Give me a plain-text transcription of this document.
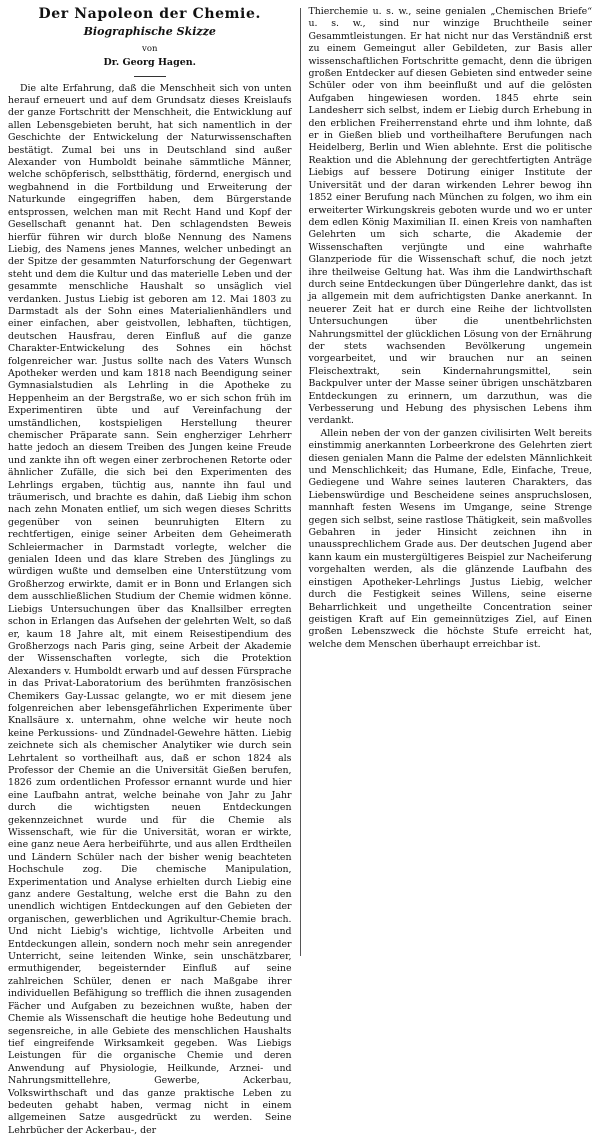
Der Napoleon der Chemie.
Biographische Skizze
von
Dr. Georg Hagen.

Die alte Erfahrung, daß die Menschheit sich von unten herauf erneuert und auf dem Grundsatz dieses Kreislaufs der ganze Fortschritt der Menschheit, die Entwicklung auf allen Lebensgebieten beruht, hat sich namentlich in der Geschichte der Entwickelung der Naturwissenschaften bestätigt. Zumal bei uns in Deutschland sind außer Alexander von Humboldt beinahe sämmtliche Männer, welche schöpferisch, selbstthätig, fördernd, energisch und wegbahnend in die Fortbildung und Erweiterung der Naturkunde eingegriffen haben, dem Bürgerstande entsprossen, welchen man mit Recht Hand und Kopf der Gesellschaft genannt hat. Den schlagendsten Beweis hierfür führen wir durch bloße Nennung des Namens Liebig, des Namens jenes Mannes, welcher unbedingt an der Spitze der gesammten Naturforschung der Gegenwart steht und dem die Kultur und das materielle Leben und der gesammte menschliche Haushalt so unsäglich viel verdanken. Justus Liebig ist geboren am 12. Mai 1803 zu Darmstadt als der Sohn eines Materialienhändlers und einer einfachen, aber geistvollen, lebhaften, tüchtigen, deutschen Hausfrau, deren Einfluß auf die ganze Charakter-Entwickelung des Sohnes ein höchst folgenreicher war. Justus sollte nach des Vaters Wunsch Apotheker werden und kam 1818 nach Beendigung seiner Gymnasialstudien als Lehrling in die Apotheke zu Heppenheim an der Bergstraße, wo er sich schon früh im Experimentiren übte und auf Vereinfachung der umständlichen, kostspieligen Herstellung theurer chemischer Präparate sann. Sein engherziger Lehrherr hatte jedoch an diesem Treiben des Jungen keine Freude und zankte ihn oft wegen einer zerbrochenen Retorte oder ähnlicher Zufälle, die sich bei den Experimenten des Lehrlings ergaben, tüchtig aus, nannte ihn faul und träumerisch, und brachte es dahin, daß Liebig ihm schon nach zehn Monaten entlief, um sich wegen dieses Schritts gegenüber von seinen beunruhigten Eltern zu rechtfertigen, einige seiner Arbeiten dem Geheimerath Schleiermacher in Darmstadt vorlegte, welcher die genialen Ideen und das klare Streben des Jünglings zu würdigen wußte und demselben eine Unterstützung vom Großherzog erwirkte, damit er in Bonn und Erlangen sich dem ausschließlichen Studium der Chemie widmen könne. Liebigs Untersuchungen über das Knallsilber erregten schon in Erlangen das Aufsehen der gelehrten Welt, so daß er, kaum 18 Jahre alt, mit einem Reisestipendium des Großherzogs nach Paris ging, seine Arbeit der Akademie der Wissenschaften vorlegte, sich die Protektion Alexanders v. Humboldt erwarb und auf dessen Fürsprache in das Privat-Laboratorium des berühmten französischen Chemikers Gay-Lussac gelangte, wo er mit diesem jene folgenreichen aber lebensgefährlichen Experimente über Knallsäure x. unternahm, ohne welche wir heute noch keine Perkussions- und Zündnadel-Gewehre hätten. Liebig zeichnete sich als chemischer Analytiker wie durch sein Lehrtalent so vortheilhaft aus, daß er schon 1824 als Professor der Chemie an die Universität Gießen berufen, 1826 zum ordentlichen Professor ernannt wurde und hier eine Laufbahn antrat, welche beinahe von Jahr zu Jahr durch die wichtigsten neuen Entdeckungen gekennzeichnet wurde und für die Chemie als Wissenschaft, wie für die Universität, woran er wirkte, eine ganz neue Aera herbeiführte, und aus allen Erdtheilen und Ländern Schüler nach der bisher wenig beachteten Hochschule zog. Die chemische Manipulation, Experimentation und Analyse erhielten durch Liebig eine ganz andere Gestaltung, welche erst die Bahn zu den unendlich wichtigen Entdeckungen auf den Gebieten der organischen, gewerblichen und Agrikultur-Chemie brach. Und nicht Liebig's wichtige, lichtvolle Arbeiten und Entdeckungen allein, sondern noch mehr sein anregender Unterricht, seine leitenden Winke, sein unschätzbarer, ermuthigender, begeisternder Einfluß auf seine zahlreichen Schüler, denen er nach Maßgabe ihrer individuellen Befähigung so trefflich die ihnen zusagenden Fächer und Aufgaben zu bezeichnen wußte, haben der Chemie als Wissenschaft die heutige hohe Bedeutung und segensreiche, in alle Gebiete des menschlichen Haushalts tief eingreifende Wirksamkeit gegeben. Was Liebigs Leistungen für die organische Chemie und deren Anwendung auf Physiologie, Heilkunde, Arznei- und Nahrungsmittellehre, Gewerbe, Ackerbau, Volkswirthschaft und das ganze praktische Leben zu bedeuten gehabt haben, vermag nicht in einem allgemeinen Satze ausgedrückt zu werden. Seine Lehrbücher der Ackerbau-, der

Thierchemie u. s. w., seine genialen „Chemischen Briefe“ u. s. w., sind nur winzige Bruchtheile seiner Gesammtleistungen. Er hat nicht nur das Verständniß erst zu einem Gemeingut aller Gebildeten, zur Basis aller wissenschaftlichen Fortschritte gemacht, denn die übrigen großen Entdecker auf diesen Gebieten sind entweder seine Schüler oder von ihm beeinflußt und auf die gelösten Aufgaben hingewiesen worden. 1845 ehrte sein Landesherr sich selbst, indem er Liebig durch Erhebung in den erblichen Freiherrenstand ehrte und ihm lohnte, daß er in Gießen blieb und vortheilhaftere Berufungen nach Heidelberg, Berlin und Wien ablehnte. Erst die politische Reaktion und die Ablehnung der gerechtfertigten Anträge Liebigs auf bessere Dotirung einiger Institute der Universität und der daran wirkenden Lehrer bewog ihn 1852 einer Berufung nach München zu folgen, wo ihm ein erweiterter Wirkungskreis geboten wurde und wo er unter dem edlen König Maximilian II. einen Kreis von namhaften Gelehrten um sich scharte, die Akademie der Wissenschaften verjüngte und eine wahrhafte Glanzperiode für die Wissenschaft schuf, die noch jetzt ihre theilweise Geltung hat. Was ihm die Landwirthschaft durch seine Entdeckungen über Düngerlehre dankt, das ist ja allgemein mit dem aufrichtigsten Danke anerkannt. In neuerer Zeit hat er durch eine Reihe der lichtvollsten Untersuchungen über die unentbehrlichsten Nahrungsmittel der glücklichen Lösung von der Ernährung der stets wachsenden Bevölkerung ungemein vorgearbeitet, und wir brauchen nur an seinen Fleischextrakt, sein Kindernahrungsmittel, sein Backpulver unter der Masse seiner übrigen unschätzbaren Entdeckungen zu erinnern, um darzuthun, was die Verbesserung und Hebung des physischen Lebens ihm verdankt.

Allein neben der von der ganzen civilisirten Welt bereits einstimmig anerkannten Lorbeerkrone des Gelehrten ziert diesen genialen Mann die Palme der edelsten Männlichkeit und Menschlichkeit; das Humane, Edle, Einfache, Treue, Gediegene und Wahre seines lauteren Charakters, das Liebenswürdige und Bescheidene seines anspruchslosen, mannhaft festen Wesens im Umgange, seine Strenge gegen sich selbst, seine rastlose Thätigkeit, sein maßvolles Gebahren in jeder Hinsicht zeichnen ihn in unaussprechlichem Grade aus. Der deutschen Jugend aber kann kaum ein mustergültigeres Beispiel zur Nacheiferung vorgehalten werden, als die glänzende Laufbahn des einstigen Apotheker-Lehrlings Justus Liebig, welcher durch die Festigkeit seines Willens, seine eiserne Beharrlichkeit und ungetheilte Concentration seiner geistigen Kraft auf Ein gemeinnütziges Ziel, auf Einen großen Lebenszweck die höchste Stufe erreicht hat, welche dem Menschen überhaupt erreichbar ist.
